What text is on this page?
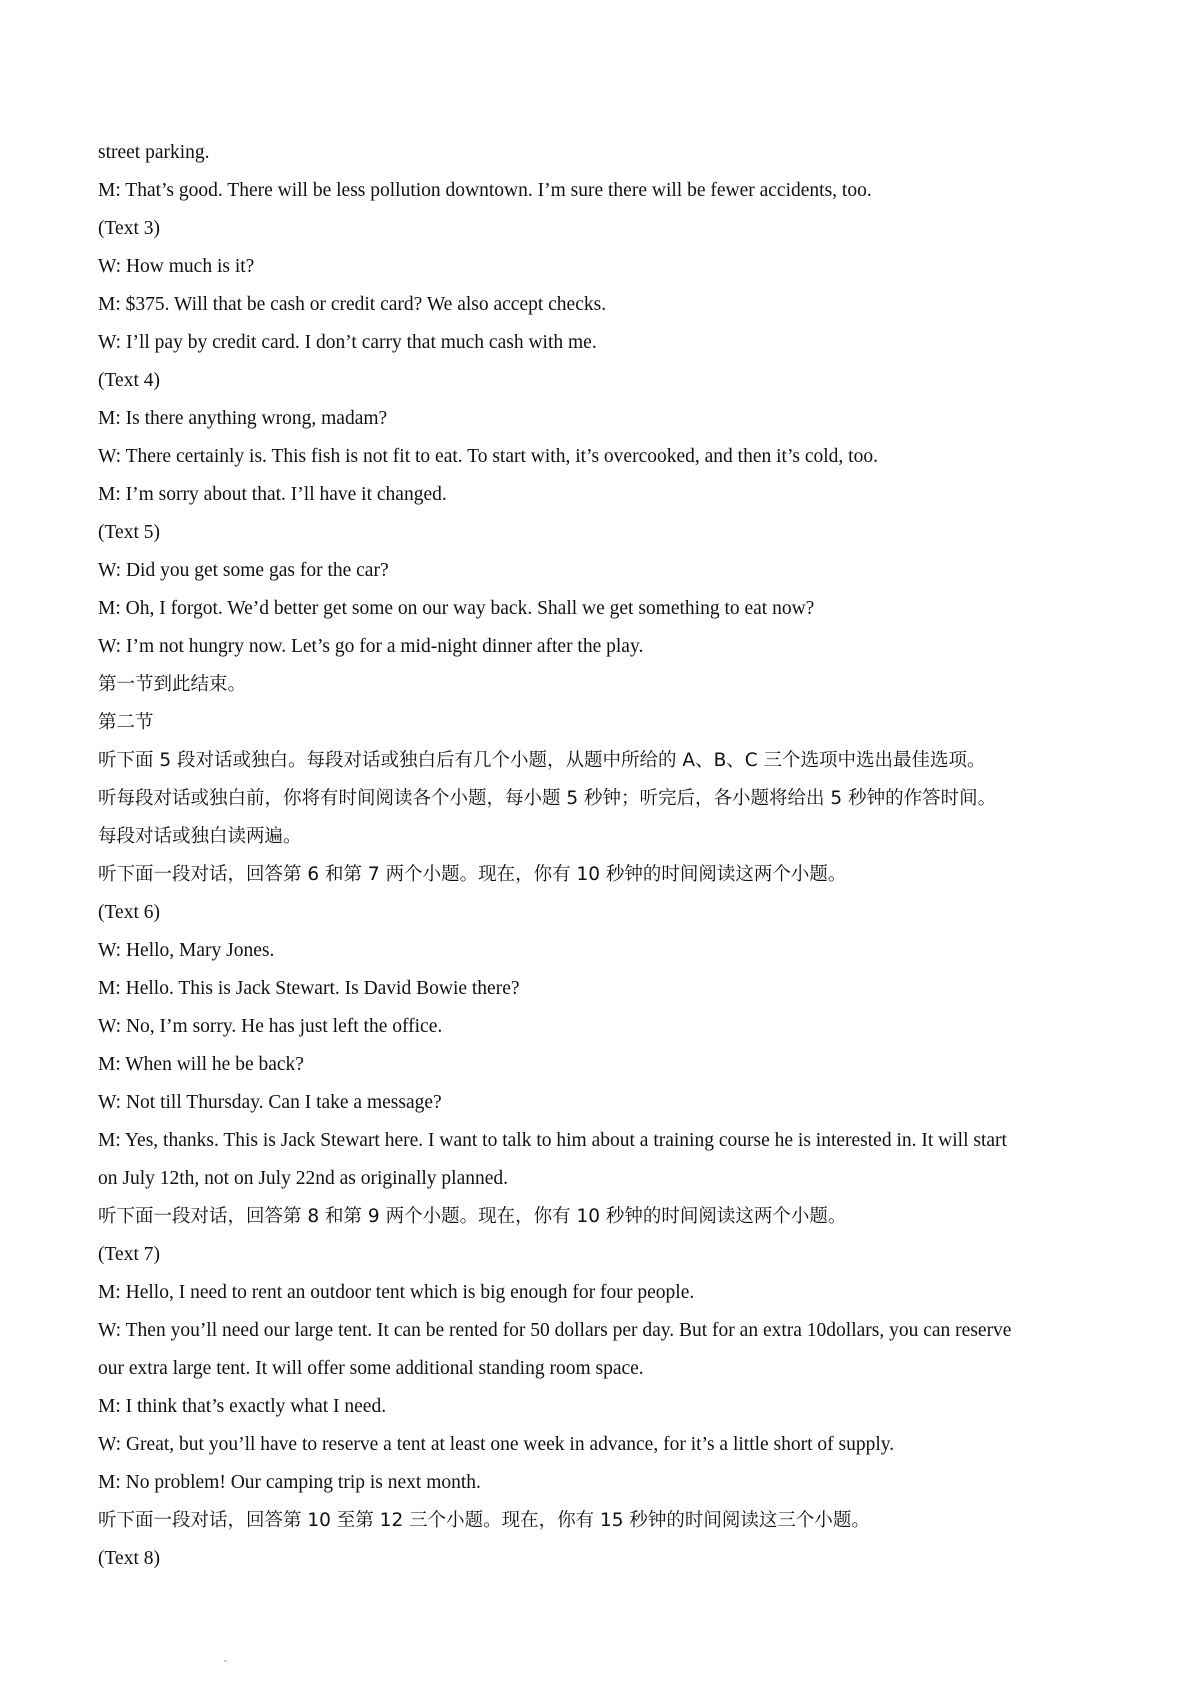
street parking.
M: That’s good. There will be less pollution downtown. I’m sure there will be fewer accidents, too.
(Text 3)
W: How much is it?
M: $375. Will that be cash or credit card? We also accept checks.
W: I’ll pay by credit card. I don’t carry that much cash with me.
(Text 4)
M: Is there anything wrong, madam?
W: There certainly is. This fish is not fit to eat. To start with, it’s overcooked, and then it’s cold, too.
M: I’m sorry about that. I’ll have it changed.
(Text 5)
W: Did you get some gas for the car?
M: Oh, I forgot. We’d better get some on our way back. Shall we get something to eat now?
W: I’m not hungry now. Let’s go for a mid-night dinner after the play.
第一节到此结束。
第二节
听下面 5 段对话或独白。每段对话或独白后有几个小题，从题中所给的 A、B、C 三个选项中选出最佳选项。
听每段对话或独白前，你将有时间阅读各个小题，每小题 5 秒钟；听完后，各小题将给出 5 秒钟的作答时间。
每段对话或独白读两遍。
听下面一段对话，回答第 6 和第 7 两个小题。现在，你有 10 秒钟的时间阅读这两个小题。
(Text 6)
W: Hello, Mary Jones.
M: Hello. This is Jack Stewart. Is David Bowie there?
W: No, I’m sorry. He has just left the office.
M: When will he be back?
W: Not till Thursday. Can I take a message?
M: Yes, thanks. This is Jack Stewart here. I want to talk to him about a training course he is interested in. It will start
on July 12th, not on July 22nd as originally planned.
听下面一段对话，回答第 8 和第 9 两个小题。现在，你有 10 秒钟的时间阅读这两个小题。
(Text 7)
M: Hello, I need to rent an outdoor tent which is big enough for four people.
W: Then you’ll need our large tent. It can be rented for 50 dollars per day. But for an extra 10dollars, you can reserve
our extra large tent. It will offer some additional standing room space.
M: I think that’s exactly what I need.
W: Great, but you’ll have to reserve a tent at least one week in advance, for it’s a little short of supply.
M: No problem! Our camping trip is next month.
听下面一段对话，回答第 10 至第 12 三个小题。现在，你有 15 秒钟的时间阅读这三个小题。
(Text 8)
